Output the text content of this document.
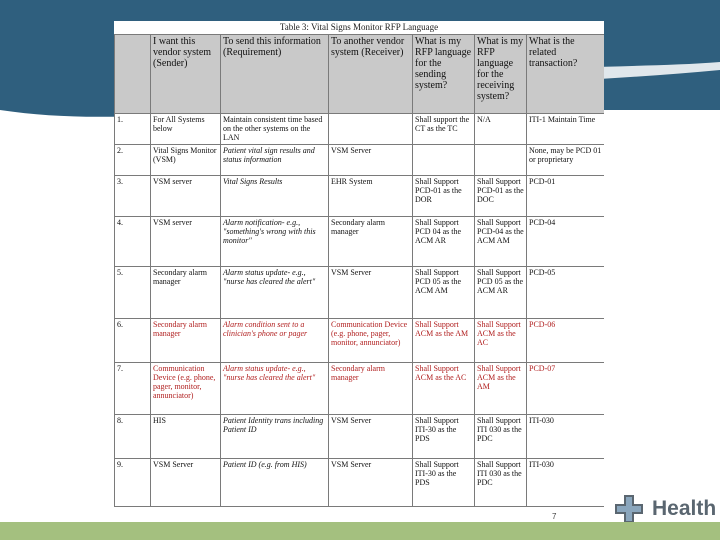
Table 3: Vital Signs Monitor RFP Language
	I want this vendor system (Sender)	To send this information (Requirement)	To another vendor system (Receiver)	What is my RFP language for the sending system?	What is my RFP language for the receiving system?	What is the related transaction?
1.	For All Systems below	Maintain consistent time based on the other systems on the LAN		Shall support the CT as the TC	N/A	ITI-1 Maintain Time
2.	Vital Signs Monitor (VSM)	Patient vital sign results and status information	VSM Server			None, may be PCD 01 or proprietary
3.	VSM server	Vital Signs Results	EHR System	Shall Support PCD-01 as the DOR	Shall Support PCD-01 as the DOC	PCD-01
4.	VSM server	Alarm notification- e.g., "something's wrong with this monitor"	Secondary alarm manager	Shall Support PCD 04 as the ACM AR	Shall Support PCD-04 as the ACM AM	PCD-04
5.	Secondary alarm manager	Alarm status update- e.g., "nurse has cleared the alert"	VSM Server	Shall Support PCD 05 as the ACM AM	Shall Support PCD 05 as the ACM AR	PCD-05
6.	Secondary alarm manager	Alarm condition sent to a clinician's phone or pager	Communication Device (e.g. phone, pager, monitor, annunciator)	Shall Support ACM as the AM	Shall Support ACM as the AC	PCD-06
7.	Communication Device (e.g. phone, pager, monitor, annunciator)	Alarm status update- e.g., "nurse has cleared the alert"	Secondary alarm manager	Shall Support ACM as the AC	Shall Support ACM as the AM	PCD-07
8.	HIS	Patient Identity trans including Patient ID	VSM Server	Shall Support ITI-30 as the PDS	Shall Support ITI 030 as the PDC	ITI-030
9.	VSM Server	Patient ID (e.g. from HIS)	VSM Server	Shall Support ITI-30 as the PDS	Shall Support ITI 030 as the PDC	ITI-030
7	Health
